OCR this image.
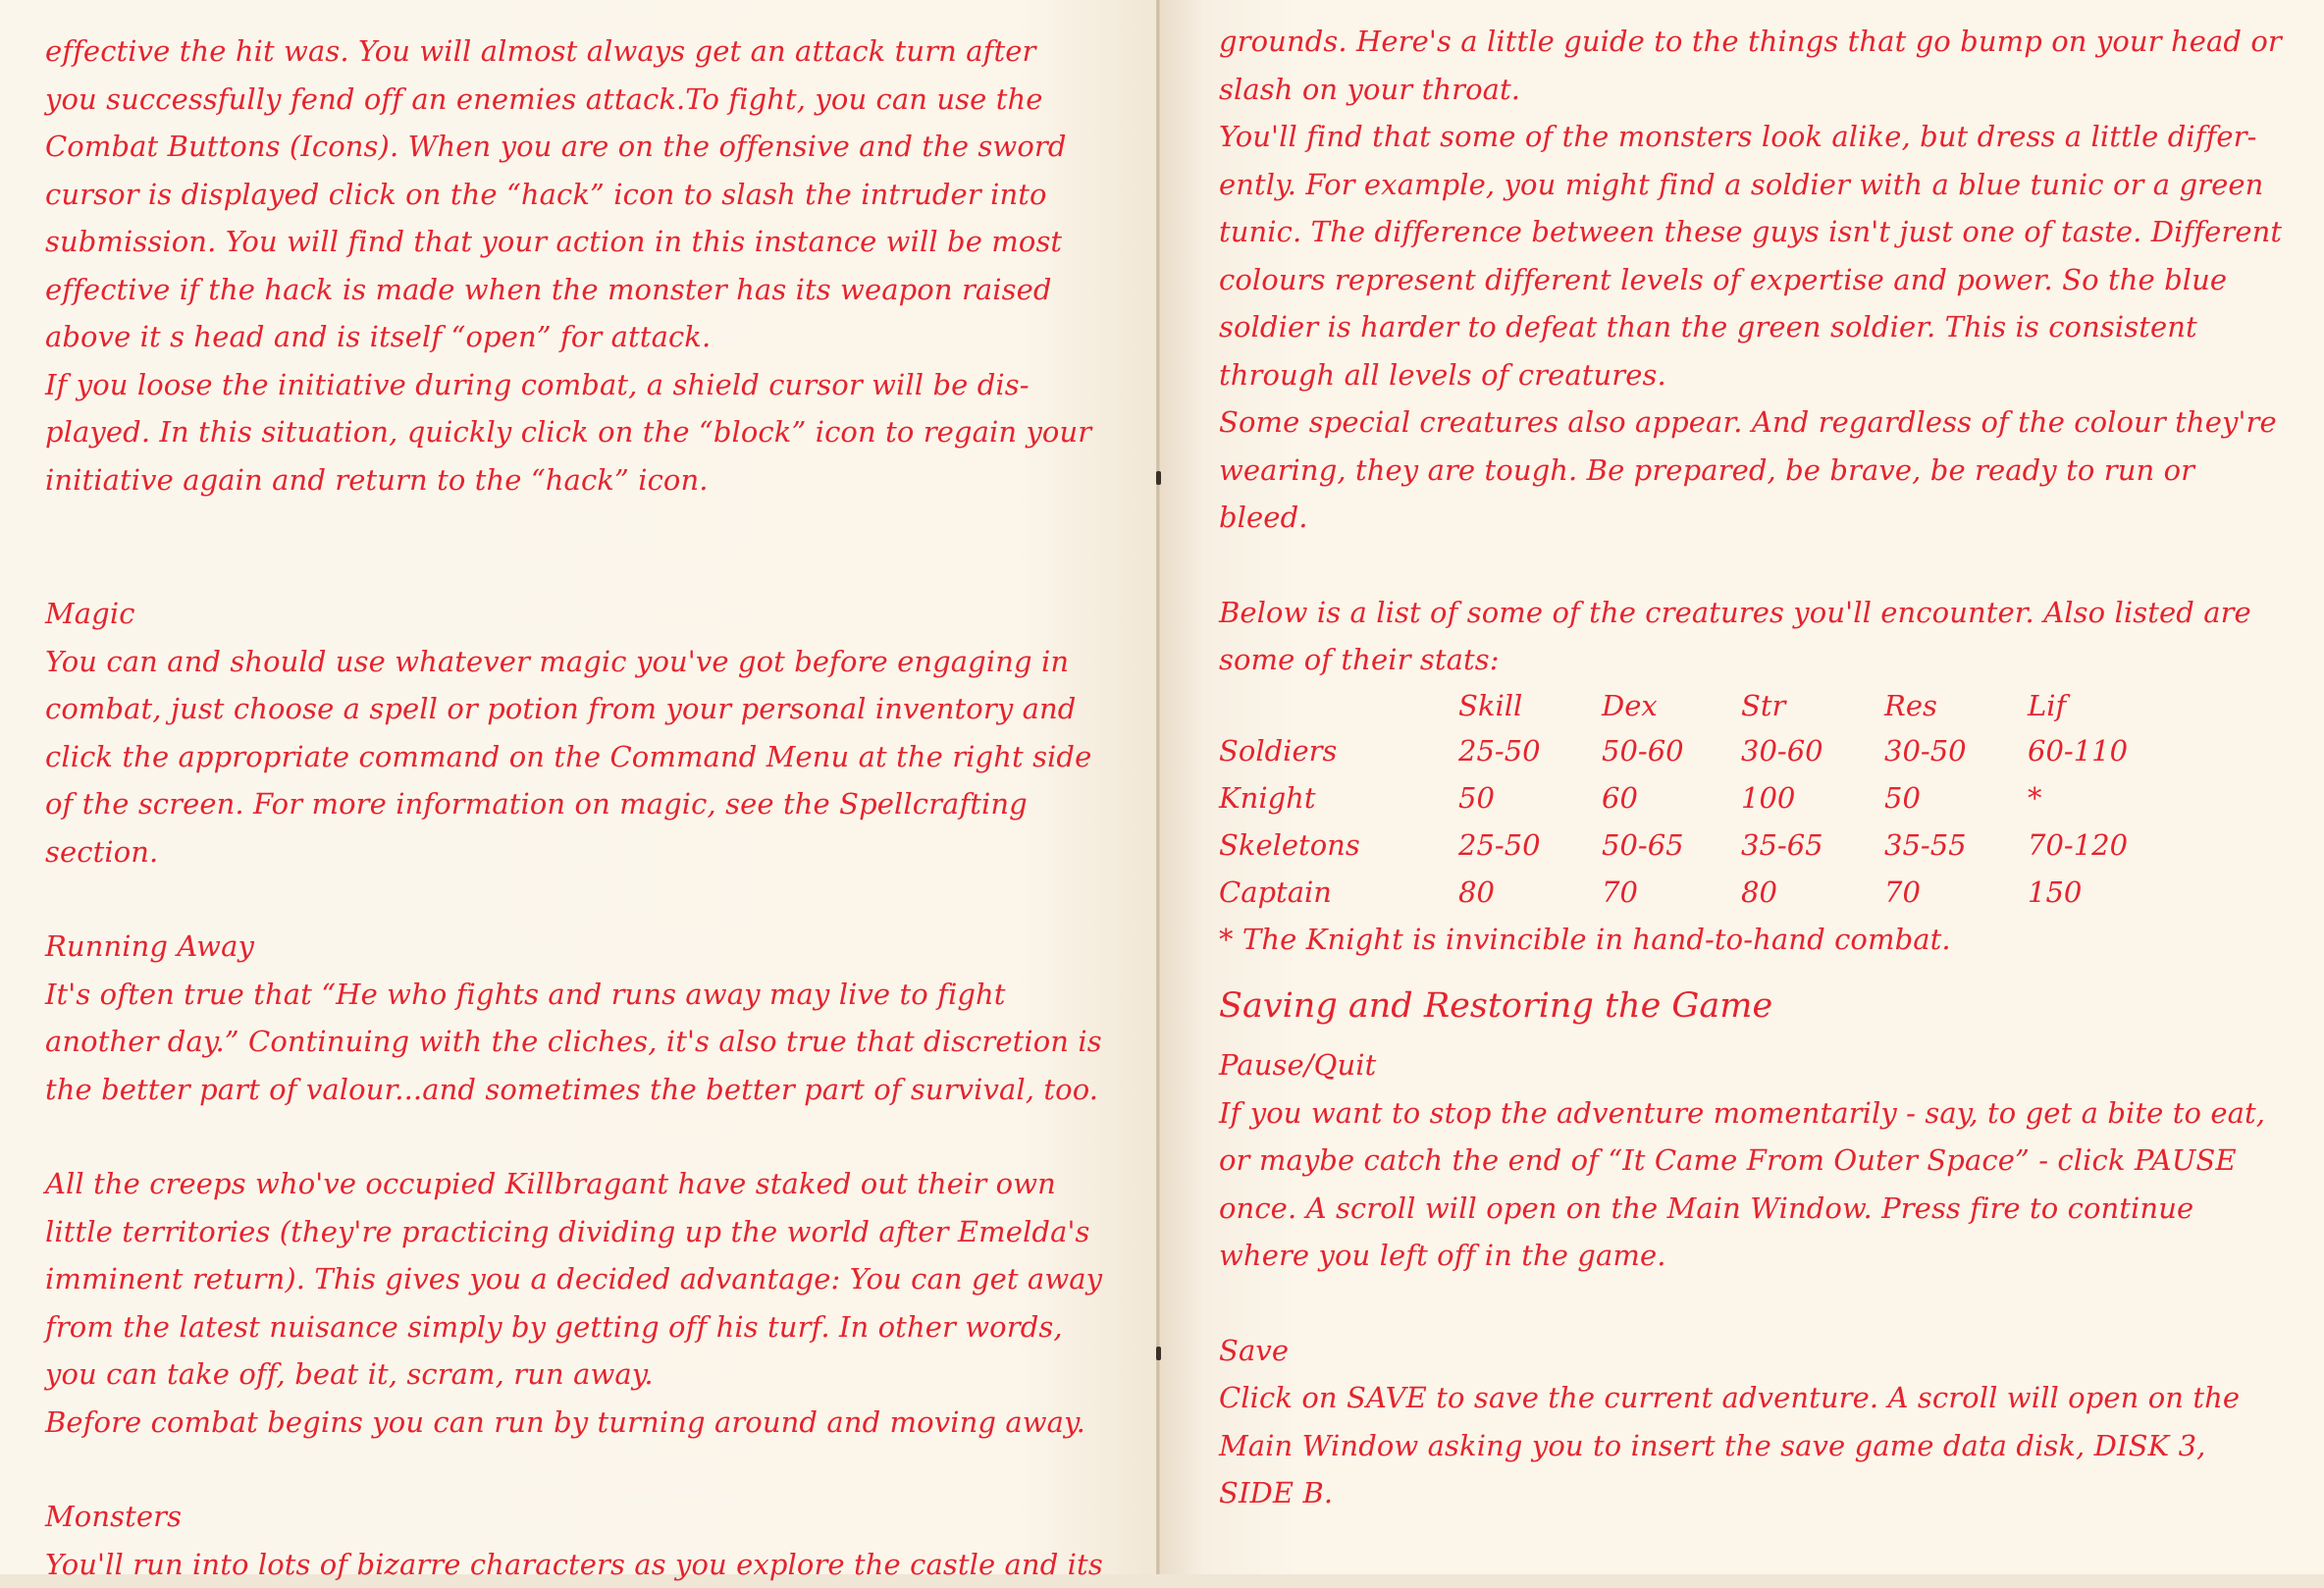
effective the hit was. You will almost always get an attack turn after

you successfully fend off an enemies attack.To fight, you can use the

Combat Buttons (Icons). When you are on the offensive and the sword

cursor is displayed click on the “hack” icon to slash the intruder into

submission. You will find that your action in this instance will be most

effective if the hack is made when the monster has its weapon raised

above it s head and is itself “open” for attack.

If you loose the initiative during combat, a shield cursor will be dis-

played. In this situation, quickly click on the “block” icon to regain your

initiative again and return to the “hack” icon.

Magic

You can and should use whatever magic you've got before engaging in

combat, just choose a spell or potion from your personal inventory and

click the appropriate command on the Command Menu at the right side

of the screen. For more information on magic, see the Spellcrafting

section.

Running Away

It's often true that “He who fights and runs away may live to fight

another day.” Continuing with the cliches, it's also true that discretion is

the better part of valour...and sometimes the better part of survival, too.

All the creeps who've occupied Killbragant have staked out their own

little territories (they're practicing dividing up the world after Emelda's

imminent return). This gives you a decided advantage: You can get away

from the latest nuisance simply by getting off his turf. In other words,

you can take off, beat it, scram, run away.

Before combat begins you can run by turning around and moving away.

Monsters

You'll run into lots of bizarre characters as you explore the castle and its

grounds. Here's a little guide to the things that go bump on your head or

slash on your throat.

You'll find that some of the monsters look alike, but dress a little differ-

ently. For example, you might find a soldier with a blue tunic or a green

tunic. The difference between these guys isn't just one of taste. Different

colours represent different levels of expertise and power. So the blue

soldier is harder to defeat than the green soldier. This is consistent

through all levels of creatures.

Some special creatures also appear. And regardless of the colour they're

wearing, they are tough. Be prepared, be brave, be ready to run or bleed.

Below is a list of some of the creatures you'll encounter. Also listed are

some of their stats:

	Skill	Dex	Str	Res	Lif
Soldiers	25-50	50-60	30-60	30-50	60-110
Knight	50	60	100	50	*
Skeletons	25-50	50-65	35-65	35-55	70-120
Captain	80	70	80	70	150

* The Knight is invincible in hand-to-hand combat.

Saving and Restoring the Game

Pause/Quit

If you want to stop the adventure momentarily - say, to get a bite to eat,

or maybe catch the end of “It Came From Outer Space” - click PAUSE

once. A scroll will open on the Main Window. Press fire to continue

where you left off in the game.

Save

Click on SAVE to save the current adventure. A scroll will open on the

Main Window asking you to insert the save game data disk, DISK 3,

SIDE B.
